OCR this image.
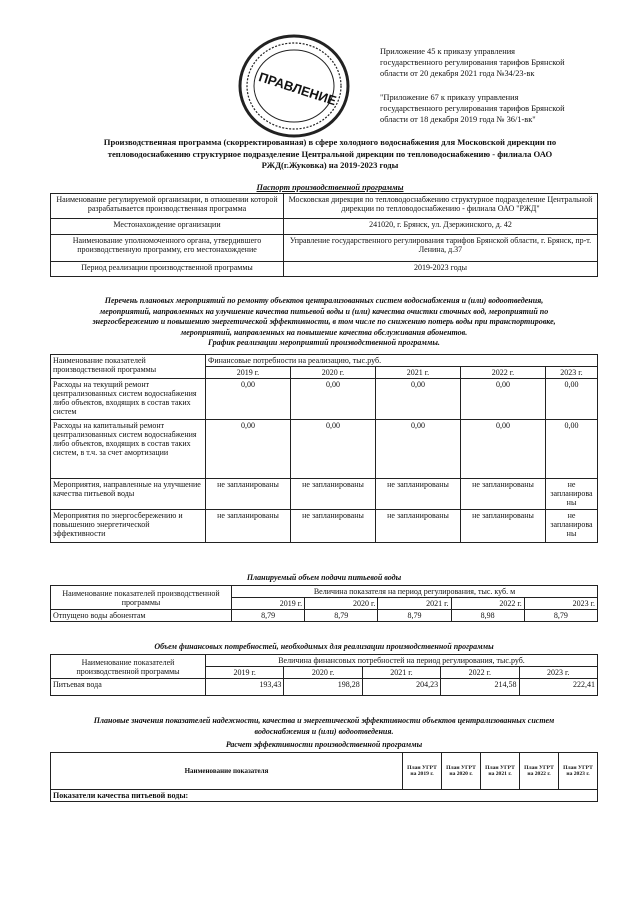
Приложение 45 к приказу управления
государственного регулирования тарифов Брянской
области от 20 декабря 2021 года №34/23-вк
"Приложение 67 к приказу управления
государственного регулирования тарифов Брянской
области от 18 декабря 2019 года № 36/1-вк"
ПРАВЛЕНИЕ
Производственная программа (скорректированная) в сфере холодного водоснабжения для Московской дирекции по
тепловодоснабжению структурное подразделение Центральной дирекции по тепловодоснабжению - филиала ОАО
РЖД(г.Жуковка) на 2019-2023 годы
Паспорт производственной программы
Наименование регулируемой организации, в отношении которой разрабатывается производственная программа	Московская дирекция по тепловодоснабжению структурное подразделение Центральной дирекции по тепловодоснабжению - филиала ОАО "РЖД"
Местонахождение организации	241020, г. Брянск, ул. Дзержинского, д. 42
Наименование уполномоченного органа, утвердившего производственную программу, его местонахождение	Управление государственного регулирования тарифов Брянской области, г. Брянск, пр-т. Ленина, д.37
Период реализации производственной программы	2019-2023 годы
Перечень плановых мероприятий по ремонту объектов централизованных систем водоснабжения и (или) водоотведения,
мероприятий, направленных на улучшение качества питьевой воды и (или) качества очистки сточных вод, мероприятий по
энергосбережению и повышению энергетической эффективности, в том числе по снижению потерь воды при транспортировке,
мероприятий, направленных на повышение качества обслуживания абонентов.
График реализации мероприятий производственной программы.
Наименование показателей производственной программы	Финансовые потребности на реализацию, тыс.руб.				
	2019 г.	2020 г.	2021 г.	2022 г.	2023 г.
Расходы на текущий ремонт централизованных систем водоснабжения либо объектов, входящих в состав таких систем	0,00	0,00	0,00	0,00	0,00
Расходы на капитальный ремонт централизованных систем водоснабжения либо объектов, входящих в состав таких систем, в т.ч. за счет амортизации	0,00	0,00	0,00	0,00	0,00
Мероприятия, направленные на улучшение качества питьевой воды	не запланированы	не запланированы	не запланированы	не запланированы	не запланирова ны
Мероприятия по энергосбережению и повышению энергетической эффективности	не запланированы	не запланированы	не запланированы	не запланированы	не запланирова ны
Планируемый объем подачи питьевой воды
Наименование показателей производственной программы	Величина показателя на период регулирования, тыс. куб. м				
	2019 г.	2020 г.	2021 г.	2022 г.	2023 г.
Отпущено воды абонентам	8,79	8,79	8,79	8,98	8,79
Объем финансовых потребностей, необходимых для реализации производственной программы
Наименование показателей производственной программы	Величина финансовых потребностей на период регулирования, тыс.руб.				
	2019 г.	2020 г.	2021 г.	2022 г.	2023 г.
Питьевая вода	193,43	198,28	204,23	214,58	222,41
Плановые значения показателей надежности, качества и энергетической эффективности объектов централизованных систем
водоснабжения и (или) водоотведения.
Расчет эффективности производственной программы
Наименование показателя	План УГРТ на 2019 г.	План УГРТ на 2020 г.	План УГРТ на 2021 г.	План УГРТ на 2022 г.	План УГРТ на 2023 г.
Показатели качества питьевой воды:
